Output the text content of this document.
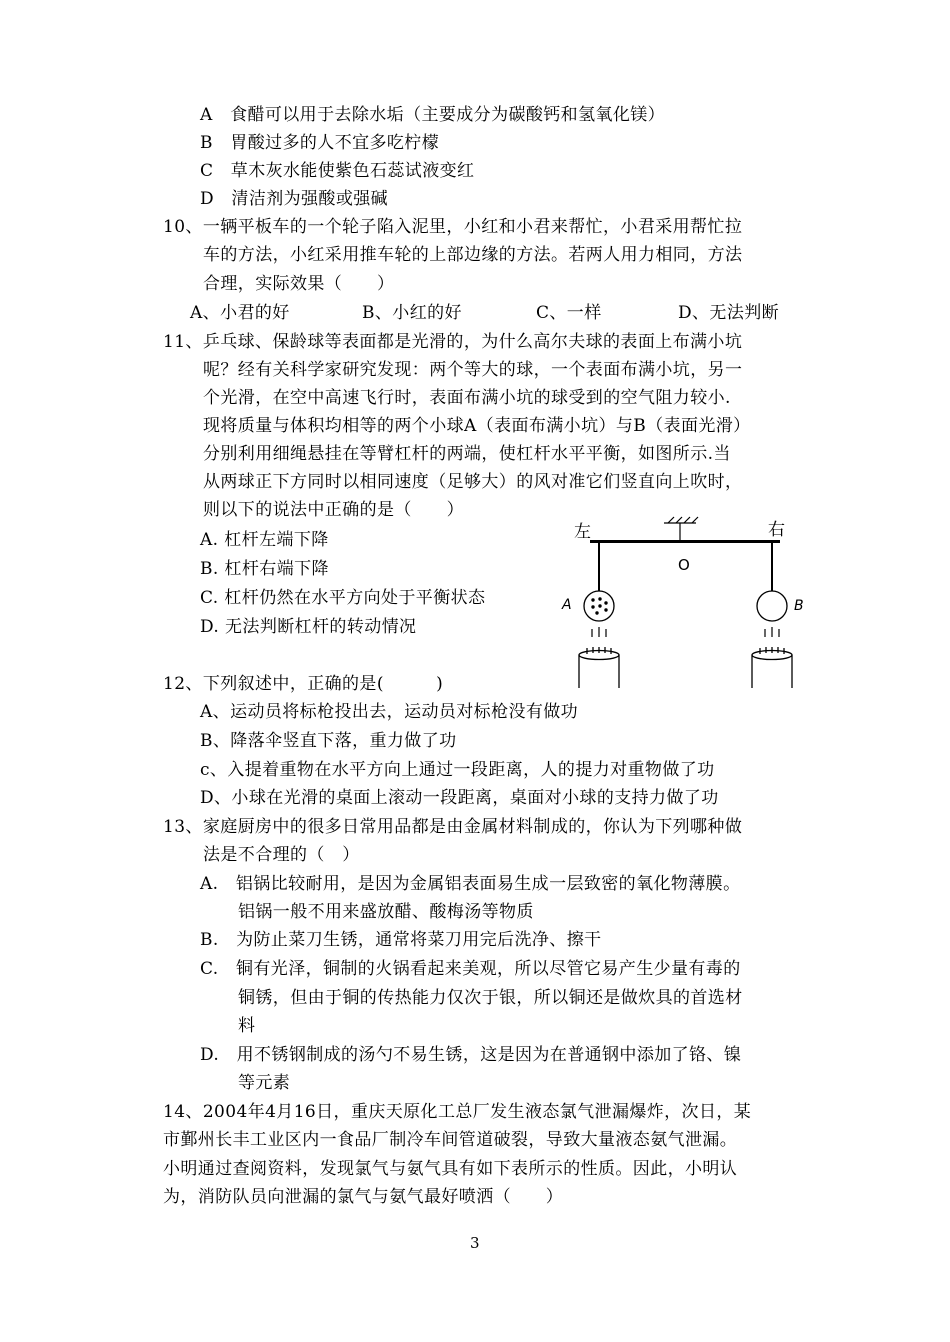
A　食醋可以用于去除水垢（主要成分为碳酸钙和氢氧化镁）
B　胃酸过多的人不宜多吃柠檬
C　草木灰水能使紫色石蕊试液变红
D　清洁剂为强酸或强碱
10、一辆平板车的一个轮子陷入泥里，小红和小君来帮忙，小君采用帮忙拉
车的方法，小红采用推车轮的上部边缘的方法。若两人用力相同，方法
合理，实际效果（　　）
A、小君的好	B、小红的好	C、一样	D、无法判断
11、乒乓球、保龄球等表面都是光滑的，为什么高尔夫球的表面上布满小坑
呢？经有关科学家研究发现：两个等大的球，一个表面布满小坑，另一
个光滑，在空中高速飞行时，表面布满小坑的球受到的空气阻力较小.
现将质量与体积均相等的两个小球A（表面布满小坑）与B（表面光滑）
分别利用细绳悬挂在等臂杠杆的两端，使杠杆水平平衡，如图所示.当
从两球正下方同时以相同速度（足够大）的风对准它们竖直向上吹时，
则以下的说法中正确的是（　　）
A. 杠杆左端下降
B. 杠杆右端下降
C. 杠杆仍然在水平方向处于平衡状态
D. 无法判断杠杆的转动情况
左	右
O
A	B
12、下列叙述中，正确的是(　　　)
A、运动员将标枪投出去，运动员对标枪没有做功
B、降落伞竖直下落，重力做了功
c、入提着重物在水平方向上通过一段距离，人的提力对重物做了功
D、小球在光滑的桌面上滚动一段距离，桌面对小球的支持力做了功
13、家庭厨房中的很多日常用品都是由金属材料制成的，你认为下列哪种做
法是不合理的（　）
A.　铝锅比较耐用，是因为金属铝表面易生成一层致密的氧化物薄膜。
铝锅一般不用来盛放醋、酸梅汤等物质
B.　为防止菜刀生锈，通常将菜刀用完后洗净、擦干
C.　铜有光泽，铜制的火锅看起来美观，所以尽管它易产生少量有毒的
铜锈，但由于铜的传热能力仅次于银，所以铜还是做炊具的首选材
料
D.　用不锈钢制成的汤勺不易生锈，这是因为在普通钢中添加了铬、镍
等元素
14、2004年4月16日，重庆天原化工总厂发生液态氯气泄漏爆炸，次日，某
市鄞州长丰工业区内一食品厂制冷车间管道破裂，导致大量液态氨气泄漏。
小明通过查阅资料，发现氯气与氨气具有如下表所示的性质。因此，小明认
为，消防队员向泄漏的氯气与氨气最好喷洒（　　）
3
